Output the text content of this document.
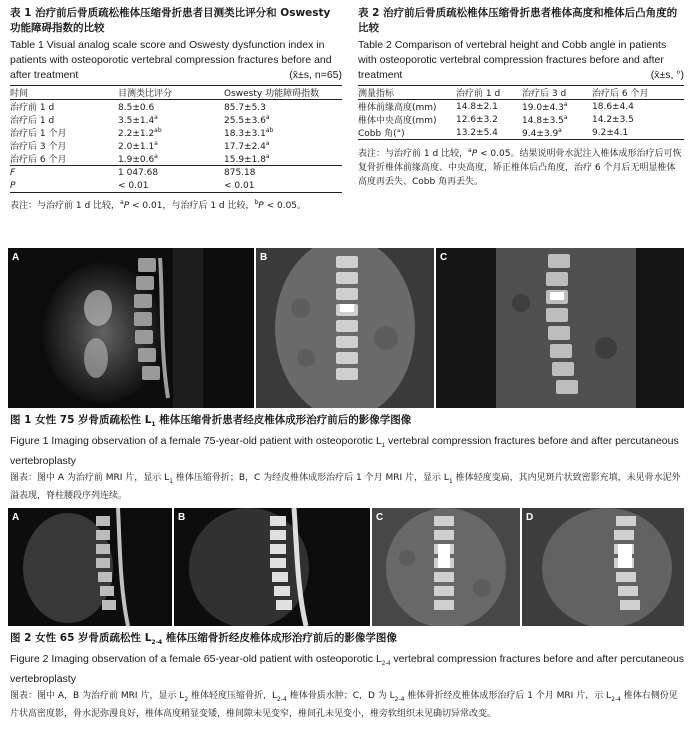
表 1 治疗前后骨质疏松椎体压缩骨折患者目测类比评分和 Oswesty 功能障碍指数的比较
Table 1 Visual analog scale score and Oswesty dysfunction index in patients with osteoporotic vertebral compression fractures before and after treatment	(x̄±s, n=65)
时间	目测类比评分	Oswesty 功能障碍指数
治疗前 1 d	8.5±0.6	85.7±5.3
治疗后 1 d	3.5±1.4$^a$	25.5±3.6$^a$
治疗后 1 个月	2.2±1.2$^{ab}$	18.3±3.1$^{ab}$
治疗后 3 个月	2.0±1.1$^a$	17.7±2.4$^a$
治疗后 6 个月	1.9±0.6$^a$	15.9±1.8$^a$
F	1 047.68	875.18
P	< 0.01	< 0.01
表注：与治疗前 1 d 比较，$^a$P < 0.01，与治疗后 1 d 比较，$^b$P < 0.05。
表 2 治疗前后骨质疏松椎体压缩骨折患者椎体高度和椎体后凸角度的比较
Table 2 Comparison of vertebral height and Cobb angle in patients with osteoporotic vertebral compression fractures before and after treatment	(x̄±s, °)
测量指标	治疗前 1 d	治疗后 3 d	治疗后 6 个月
椎体前缘高度(mm)	14.8±2.1	19.0±4.3$^a$	18.6±4.4
椎体中央高度(mm)	12.6±3.2	14.8±3.5$^a$	14.2±3.5
Cobb 角(°)	13.2±5.4	9.4±3.9$^a$	9.2±4.1
表注：与治疗前 1 d 比较，$^a$P < 0.05。结果说明骨水泥注入椎体成形治疗后可恢复骨折椎体前缘高度、中央高度，矫正椎体后凸角度，治疗 6 个月后无明显椎体高度再丢失、Cobb 角再丢失。
A	B	C
图 1 女性 75 岁骨质疏松性 $L_1$ 椎体压缩骨折患者经皮椎体成形治疗前后的影像学图像
Figure 1 Imaging observation of a female 75-year-old patient with osteoporotic $L_1$ vertebral compression fractures before and after percutaneous vertebroplasty
图表：图中 A 为治疗前 MRI 片，显示 $L_1$ 椎体压缩骨折；B，C 为经皮椎体成形治疗后 1 个月 MRI 片，显示 $L_1$ 椎体轻度变扁，其内见斑片状致密影充填，未见骨水泥外溢表现，脊柱腰段序列连续。
A	B	C	D
图 2 女性 65 岁骨质疏松性 $L_{2-4}$ 椎体压缩骨折经皮椎体成形治疗前后的影像学图像
Figure 2 Imaging observation of a female 65-year-old patient with osteoporotic $L_{2-4}$ vertebral compression fractures before and after percutaneous vertebroplasty
图表：图中 A，B 为治疗前 MRI 片，显示 $L_2$ 椎体轻度压缩骨折，$L_{2-4}$ 椎体骨质水肿；C，D 为 $L_{2-4}$ 椎体骨折经皮椎体成形治疗后 1 个月 MRI 片，示 $L_{2-4}$ 椎体右侧份见片状高密度影，骨水泥弥漫良好，椎体高度稍显变矮，椎间隙未见变窄，椎间孔未见变小，椎旁软组织未见确切异常改变。
